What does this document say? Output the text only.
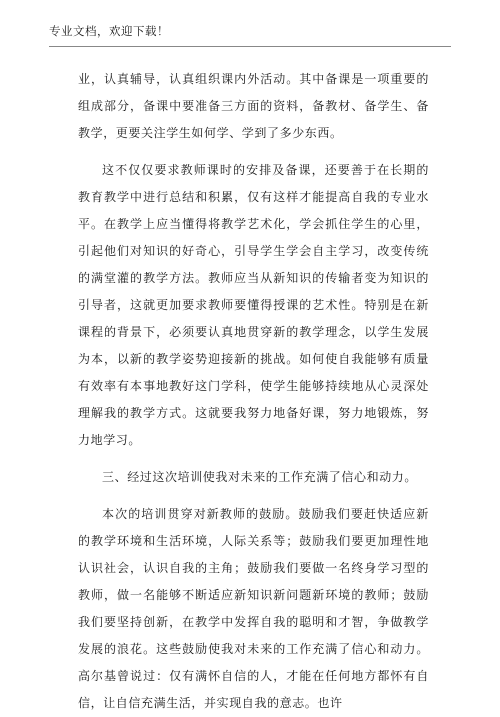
专业文档，欢迎下载！

业，认真辅导，认真组织课内外活动。其中备课是一项重要的组成部分，备课中要准备三方面的资料，备教材、备学生、备教学，更要关注学生如何学、学到了多少东西。

这不仅仅要求教师课时的安排及备课，还要善于在长期的教育教学中进行总结和积累，仅有这样才能提高自我的专业水平。在教学上应当懂得将教学艺术化，学会抓住学生的心里，引起他们对知识的好奇心，引导学生学会自主学习，改变传统的满堂灌的教学方法。教师应当从新知识的传输者变为知识的引导者，这就更加要求教师要懂得授课的艺术性。特别是在新课程的背景下，必须要认真地贯穿新的教学理念，以学生发展为本，以新的教学姿势迎接新的挑战。如何使自我能够有质量有效率有本事地教好这门学科，使学生能够持续地从心灵深处理解我的教学方式。这就要我努力地备好课，努力地锻炼，努力地学习。

三、经过这次培训使我对未来的工作充满了信心和动力。

本次的培训贯穿对新教师的鼓励。鼓励我们要赶快适应新的教学环境和生活环境，人际关系等；鼓励我们要更加理性地认识社会，认识自我的主角；鼓励我们要做一名终身学习型的教师，做一名能够不断适应新知识新问题新环境的教师；鼓励我们要坚持创新，在教学中发挥自我的聪明和才智，争做教学发展的浪花。这些鼓励使我对未来的工作充满了信心和动力。高尔基曾说过：仅有满怀自信的人，才能在任何地方都怀有自信，让自信充满生活，并实现自我的意志。也许
